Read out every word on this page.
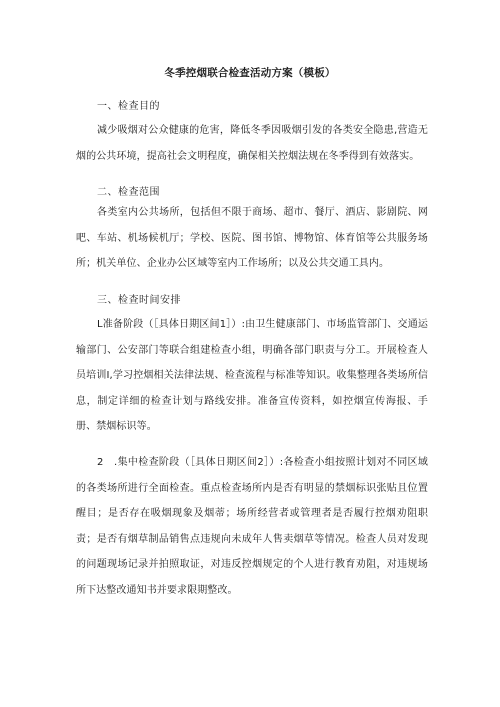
冬季控烟联合检查活动方案（模板）
一、检查目的
减少吸烟对公众健康的危害，降低冬季因吸烟引发的各类安全隐患,营造无烟的公共环境，提高社会文明程度，确保相关控烟法规在冬季得到有效落实。
二、检查范围
各类室内公共场所，包括但不限于商场、超市、餐厅、酒店、影剧院、网吧、车站、机场候机厅；学校、医院、图书馆、博物馆、体育馆等公共服务场所；机关单位、企业办公区域等室内工作场所；以及公共交通工具内。
三、检查时间安排
L准备阶段（［具体日期区间1］）:由卫生健康部门、市场监管部门、交通运输部门、公安部门等联合组建检查小组，明确各部门职责与分工。开展检查人员培训I,学习控烟相关法律法规、检查流程与标准等知识。收集整理各类场所信息，制定详细的检查计划与路线安排。准备宣传资料，如控烟宣传海报、手册、禁烟标识等。
2　.集中检查阶段（［具体日期区间2］）:各检查小组按照计划对不同区域的各类场所进行全面检查。重点检查场所内是否有明显的禁烟标识张贴且位置醒目；是否存在吸烟现象及烟蒂；场所经营者或管理者是否履行控烟劝阻职责；是否有烟草制品销售点违规向未成年人售卖烟草等情况。检查人员对发现的问题现场记录并拍照取证，对违反控烟规定的个人进行教育劝阻，对违规场所下达整改通知书并要求限期整改。
